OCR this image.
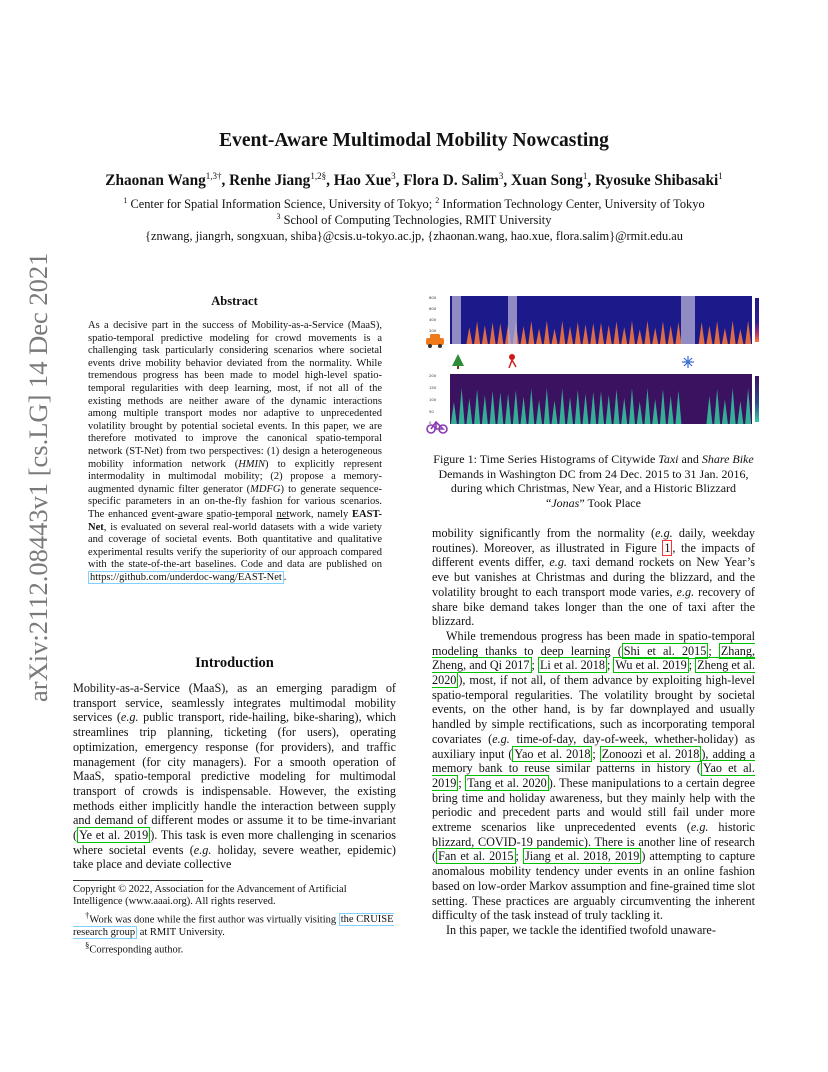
arXiv:2112.08443v1 [cs.LG] 14 Dec 2021
Event-Aware Multimodal Mobility Nowcasting
Zhaonan Wang$^{1,3\dagger}$, Renhe Jiang$^{1,2\S}$, Hao Xue$^3$, Flora D. Salim$^3$, Xuan Song$^1$, Ryosuke Shibasaki$^1$
$^1$ Center for Spatial Information Science, University of Tokyo; $^2$ Information Technology Center, University of Tokyo
$^3$ School of Computing Technologies, RMIT University
{znwang, jiangrh, songxuan, shiba}@csis.u-tokyo.ac.jp, {zhaonan.wang, hao.xue, flora.salim}@rmit.edu.au
Abstract
As a decisive part in the success of Mobility-as-a-Service (MaaS), spatio-temporal predictive modeling for crowd movements is a challenging task particularly considering scenarios where societal events drive mobility behavior deviated from the normality. While tremendous progress has been made to model high-level spatio-temporal regularities with deep learning, most, if not all of the existing methods are neither aware of the dynamic interactions among multiple transport modes nor adaptive to unprecedented volatility brought by potential societal events. In this paper, we are therefore motivated to improve the canonical spatio-temporal network (ST-Net) from two perspectives: (1) design a heterogeneous mobility information network (HMIN) to explicitly represent intermodality in multimodal mobility; (2) propose a memory-augmented dynamic filter generator (MDFG) to generate sequence-specific parameters in an on-the-fly fashion for various scenarios. The enhanced event-aware spatio-temporal network, namely EAST-Net, is evaluated on several real-world datasets with a wide variety and coverage of societal events. Both quantitative and qualitative experimental results verify the superiority of our approach compared with the state-of-the-art baselines. Code and data are published on https://github.com/underdoc-wang/EAST-Net .
Introduction

Mobility-as-a-Service (MaaS), as an emerging paradigm of transport service, seamlessly integrates multimodal mobility services (e.g. public transport, ride-hailing, bike-sharing), which streamlines trip planning, ticketing (for users), operating optimization, emergency response (for providers), and traffic management (for city managers). For a smooth operation of MaaS, spatio-temporal predictive modeling for multimodal transport of crowds is indispensable. However, the existing methods either implicitly handle the interaction between supply and demand of different modes or assume it to be time-invariant ( Ye et al. 2019 ). This task is even more challenging in scenarios where societal events (e.g. holiday, severe weather, epidemic) take place and deviate collective

Copyright © 2022, Association for the Advancement of Artificial Intelligence (www.aaai.org). All rights reserved.
†Work was done while the first author was virtually visiting the CRUISE research group at RMIT University.
§Corresponding author.
800
600
400
200
200
150
100
50
0
Figure 1: Time Series Histograms of Citywide Taxi and Share Bike Demands in Washington DC from 24 Dec. 2015 to 31 Jan. 2016, during which Christmas, New Year, and a Historic Blizzard “Jonas” Took Place

mobility significantly from the normality (e.g. daily, weekday routines). Moreover, as illustrated in Figure 1 , the impacts of different events differ, e.g. taxi demand rockets on New Year’s eve but vanishes at Christmas and during the blizzard, and the volatility brought to each transport mode varies, e.g. recovery of share bike demand takes longer than the one of taxi after the blizzard.

While tremendous progress has been made in spatio-temporal modeling thanks to deep learning ( Shi et al. 2015 ; Zhang, Zheng, and Qi 2017 ; Li et al. 2018 ; Wu et al. 2019 ; Zheng et al. 2020 ), most, if not all, of them advance by exploiting high-level spatio-temporal regularities. The volatility brought by societal events, on the other hand, is by far downplayed and usually handled by simple rectifications, such as incorporating temporal covariates (e.g. time-of-day, day-of-week, whether-holiday) as auxiliary input ( Yao et al. 2018 ; Zonoozi et al. 2018 ), adding a memory bank to reuse similar patterns in history ( Yao et al. 2019 ; Tang et al. 2020 ). These manipulations to a certain degree bring time and holiday awareness, but they mainly help with the periodic and precedent parts and would still fail under more extreme scenarios like unprecedented events (e.g. historic blizzard, COVID-19 pandemic). There is another line of research ( Fan et al. 2015 ; Jiang et al. 2018, 2019 ) attempting to capture anomalous mobility tendency under events in an online fashion based on low-order Markov assumption and fine-grained time slot setting. These practices are arguably circumventing the inherent difficulty of the task instead of truly tackling it.

In this paper, we tackle the identified twofold unaware-
